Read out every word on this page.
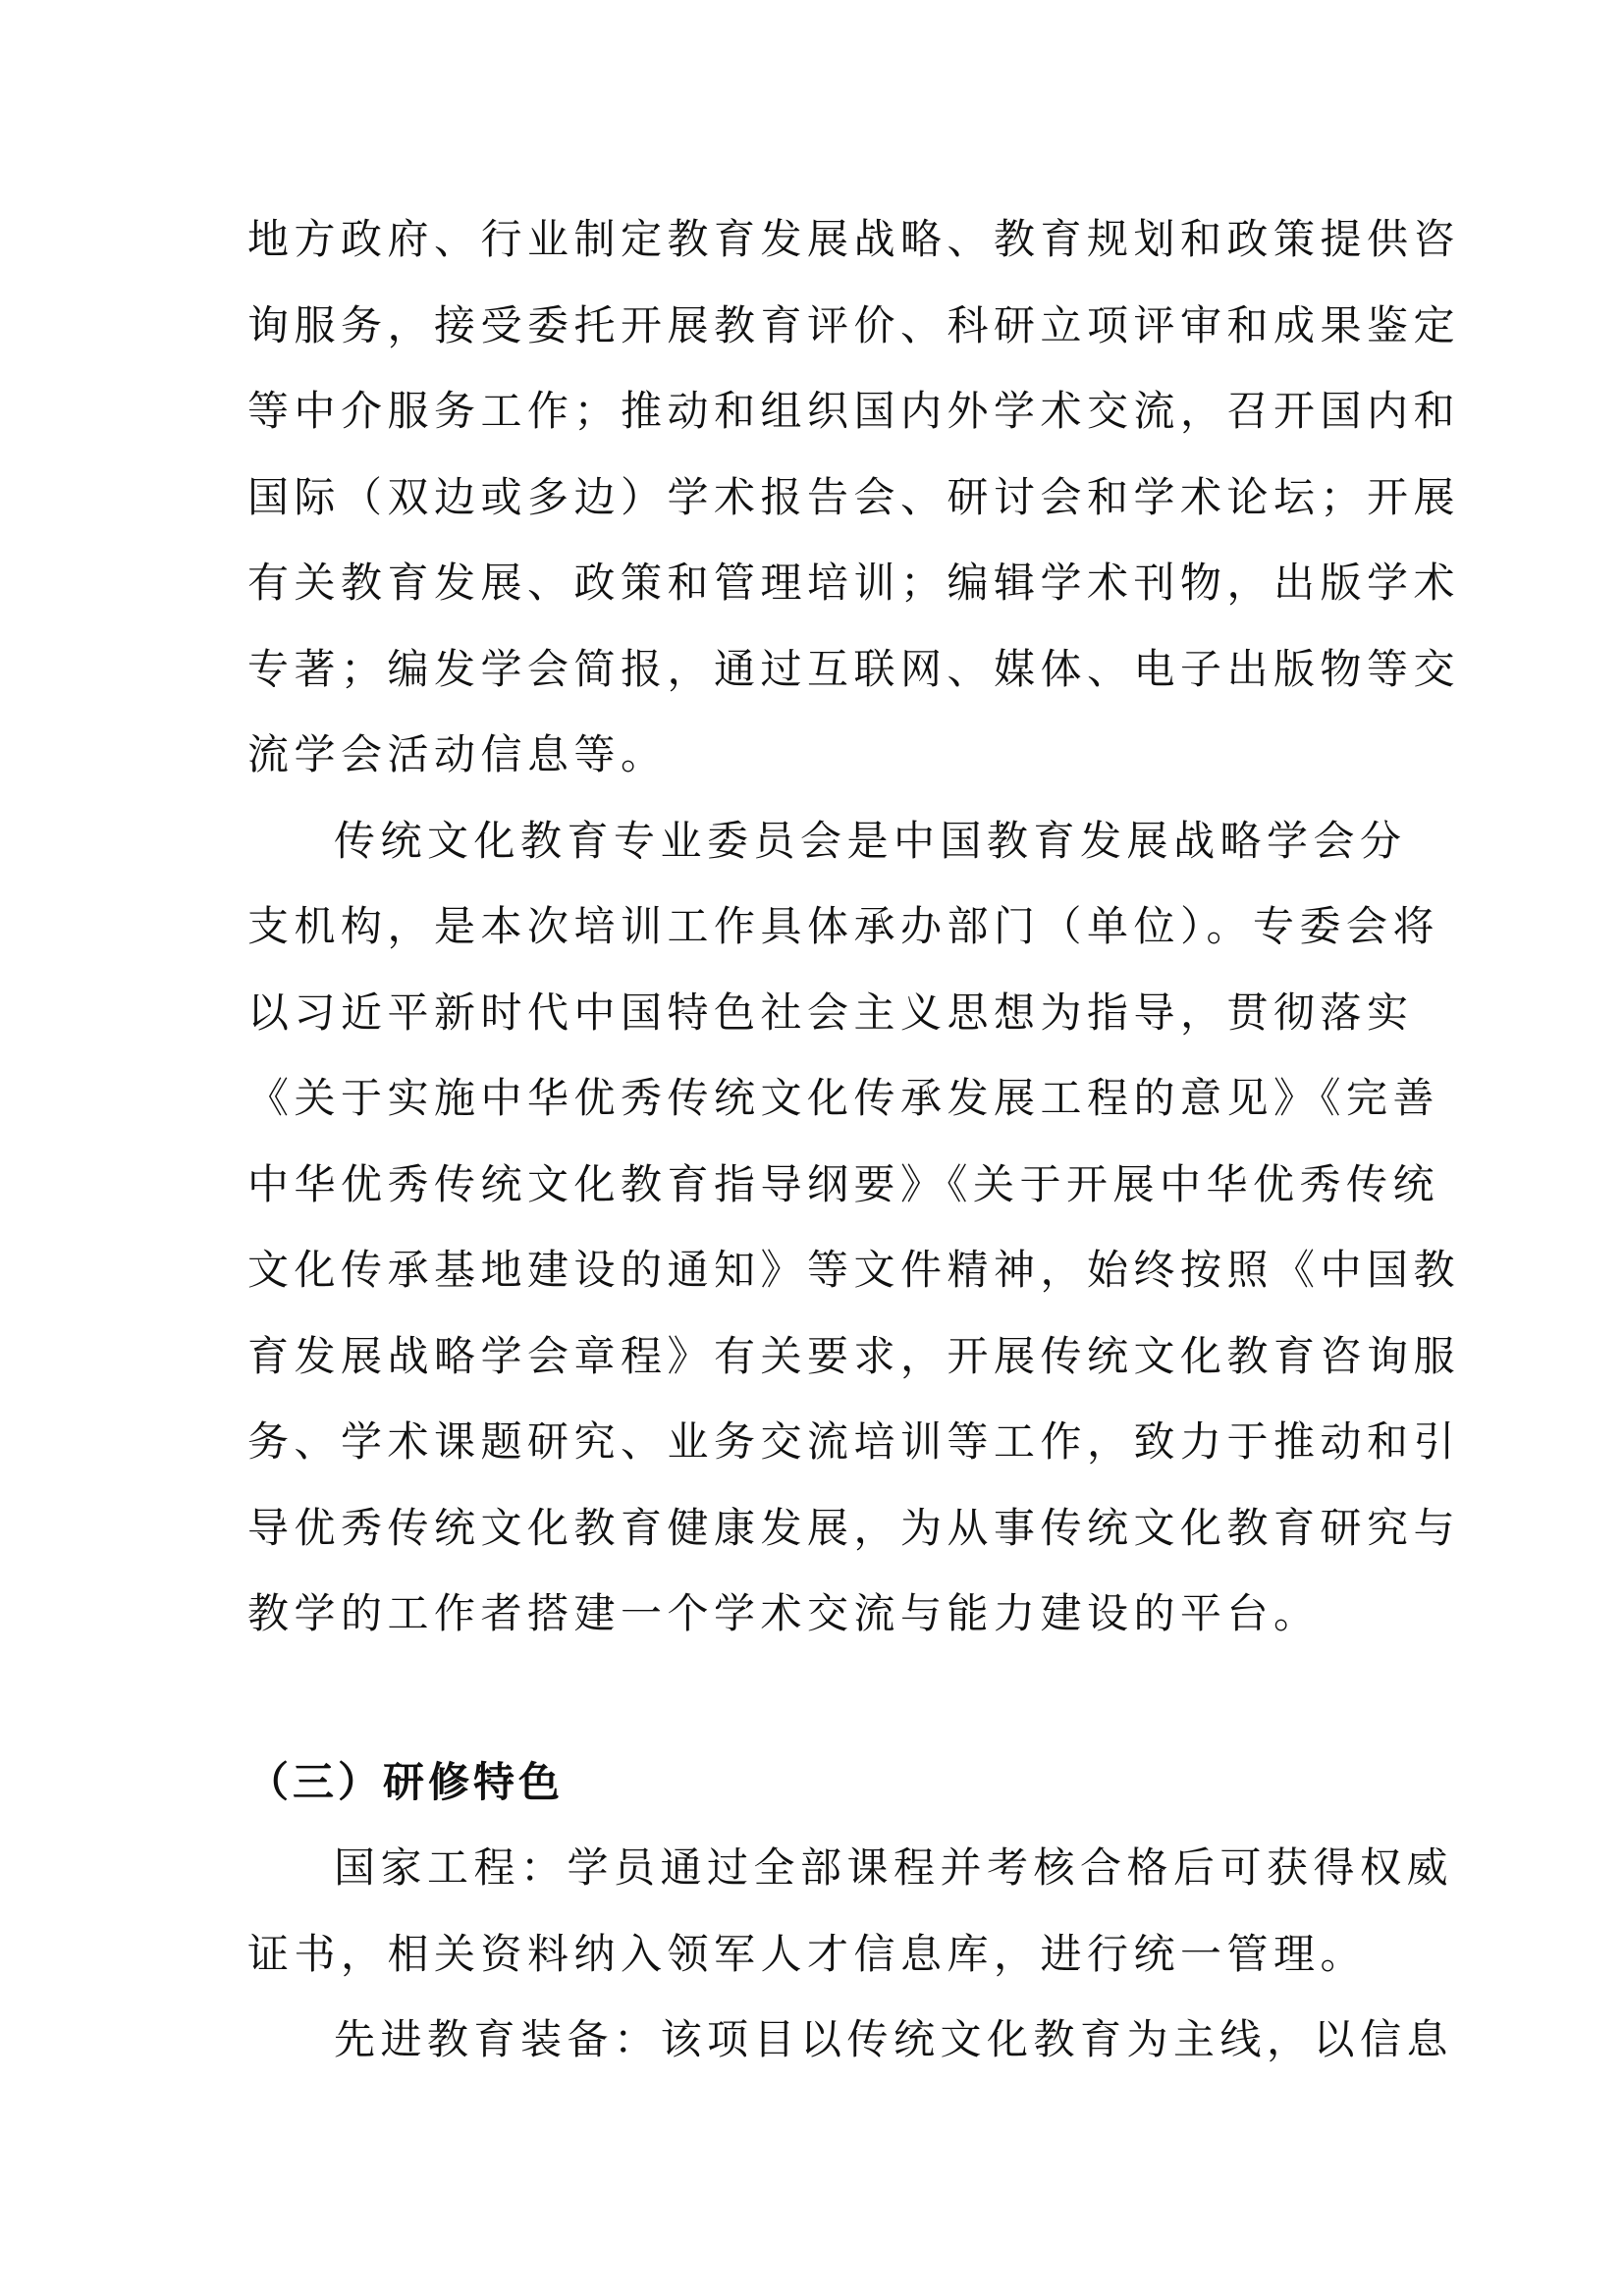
地方政府、行业制定教育发展战略、教育规划和政策提供咨
询服务，接受委托开展教育评价、科研立项评审和成果鉴定
等中介服务工作；推动和组织国内外学术交流，召开国内和
国际（双边或多边）学术报告会、研讨会和学术论坛；开展
有关教育发展、政策和管理培训；编辑学术刊物，出版学术
专著；编发学会简报，通过互联网、媒体、电子出版物等交
流学会活动信息等。
传统文化教育专业委员会是中国教育发展战略学会分
支机构，是本次培训工作具体承办部门（单位）。专委会将
以习近平新时代中国特色社会主义思想为指导，贯彻落实
《关于实施中华优秀传统文化传承发展工程的意见》《完善
中华优秀传统文化教育指导纲要》《关于开展中华优秀传统
文化传承基地建设的通知》等文件精神，始终按照《中国教
育发展战略学会章程》有关要求，开展传统文化教育咨询服
务、学术课题研究、业务交流培训等工作，致力于推动和引
导优秀传统文化教育健康发展，为从事传统文化教育研究与
教学的工作者搭建一个学术交流与能力建设的平台。
（三）研修特色
国家工程：学员通过全部课程并考核合格后可获得权威
证书，相关资料纳入领军人才信息库，进行统一管理。
先进教育装备：该项目以传统文化教育为主线，以信息
